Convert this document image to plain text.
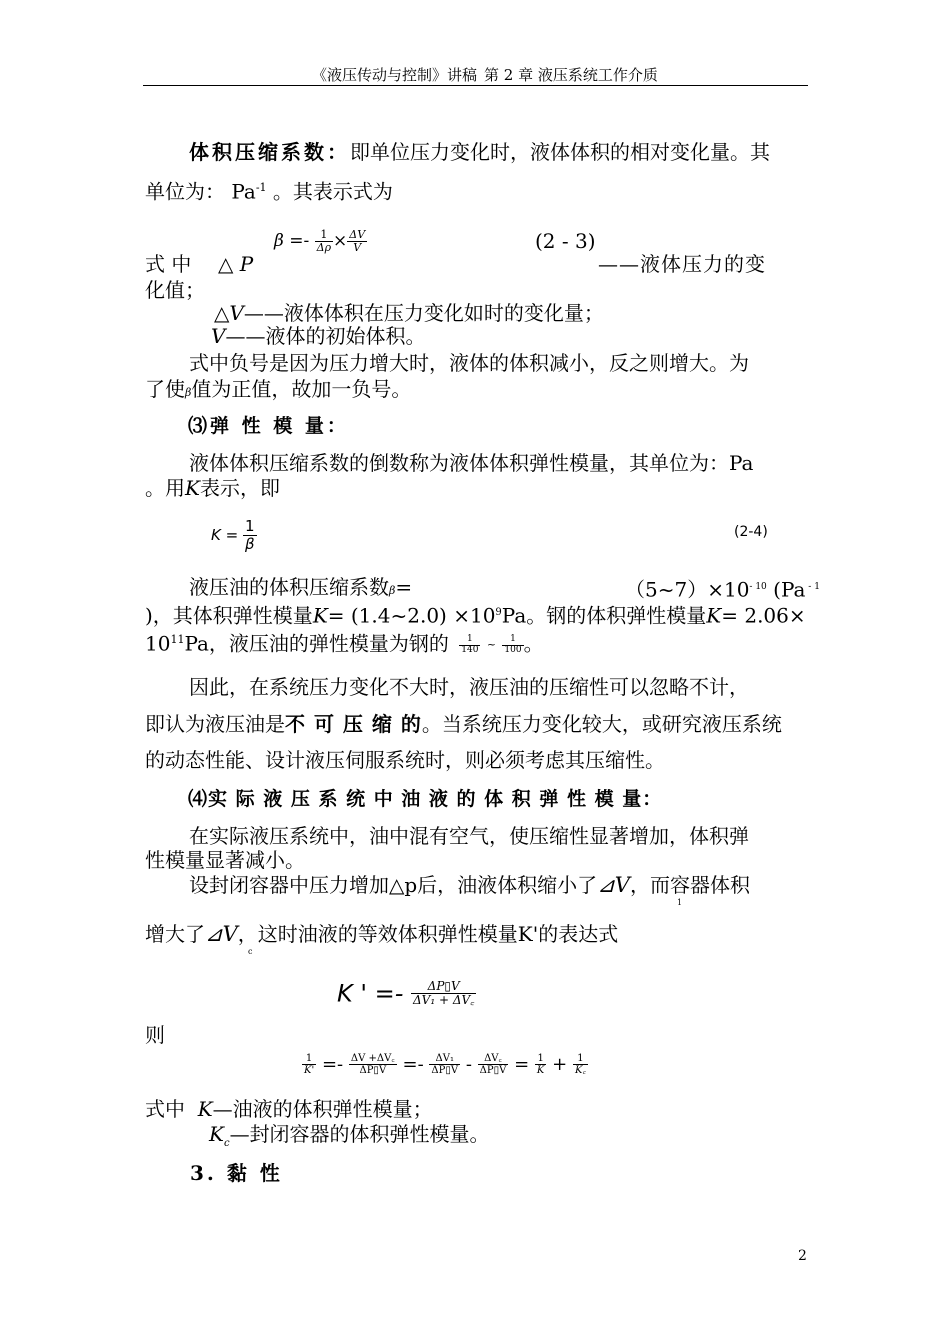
《液压传动与控制》讲稿 第 2 章 液压系统工作介质
体积压缩系数：即单位压力变化时，液体体积的相对变化量。其
单位为： $Pa^{-1}$ 。其表示式为
$\beta =- \frac{1}{\Delta\rho} \times \frac{\Delta V}{V}$	(2 - 3)
式 中 △ P	——液体压力的变
化值；
△V——液体体积在压力变化如时的变化量；
V——液体的初始体积。
式中负号是因为压力增大时，液体的体积减小，反之则增大。为
了使β值为正值，故加一负号。
⑶弹 性 模 量：
液体体积压缩系数的倒数称为液体体积弹性模量，其单位为：Pa
。用K表示，即
$K = \frac{1}{\beta}$	(2-4)
液压油的体积压缩系数β=	$(5\sim 7)\times 10^{- 10}$ (Pa $^{- 1}$
)，其体积弹性模量K= (1.4~2.0) $\times 10^9Pa$。钢的体积弹性模量K= 2.06×
$10^{11}Pa$，液压油的弹性模量为钢的 $\frac{1}{140}$ ~ $\frac{1}{100}$ 。
因此，在系统压力变化不大时，液压油的压缩性可以忽略不计，
即认为液压油是不 可 压 缩 的。当系统压力变化较大，或研究液压系统
的动态性能、设计液压伺服系统时，则必须考虑其压缩性。
⑷实 际 液 压 系 统 中 油 液 的 体 积 弹 性 模 量：
在实际液压系统中，油中混有空气，使压缩性显著增加，体积弹
性模量显著减小。
设封闭容器中压力增加△p后，油液体积缩小了⊿V，而容器体积
1
增大了⊿V，这时油液的等效体积弹性模量K'的表达式
c
K ' =- $\frac{\Delta P▯V}{\text{ΔV₁ + ΔV꜀}}$
则
$\frac{1}{K'} =- \frac{\Delta V +\Delta V꜀}{\Delta P▯V} =- \frac{\text{ΔV₁}}{\Delta P▯V} - \frac{\Delta V꜀}{\Delta P▯V} = \frac{1}{K} + \frac{1}{K꜀}$
式中 K—油液的体积弹性模量；
$K_c—$封闭容器的体积弹性模量。
3. 黏 性
2
